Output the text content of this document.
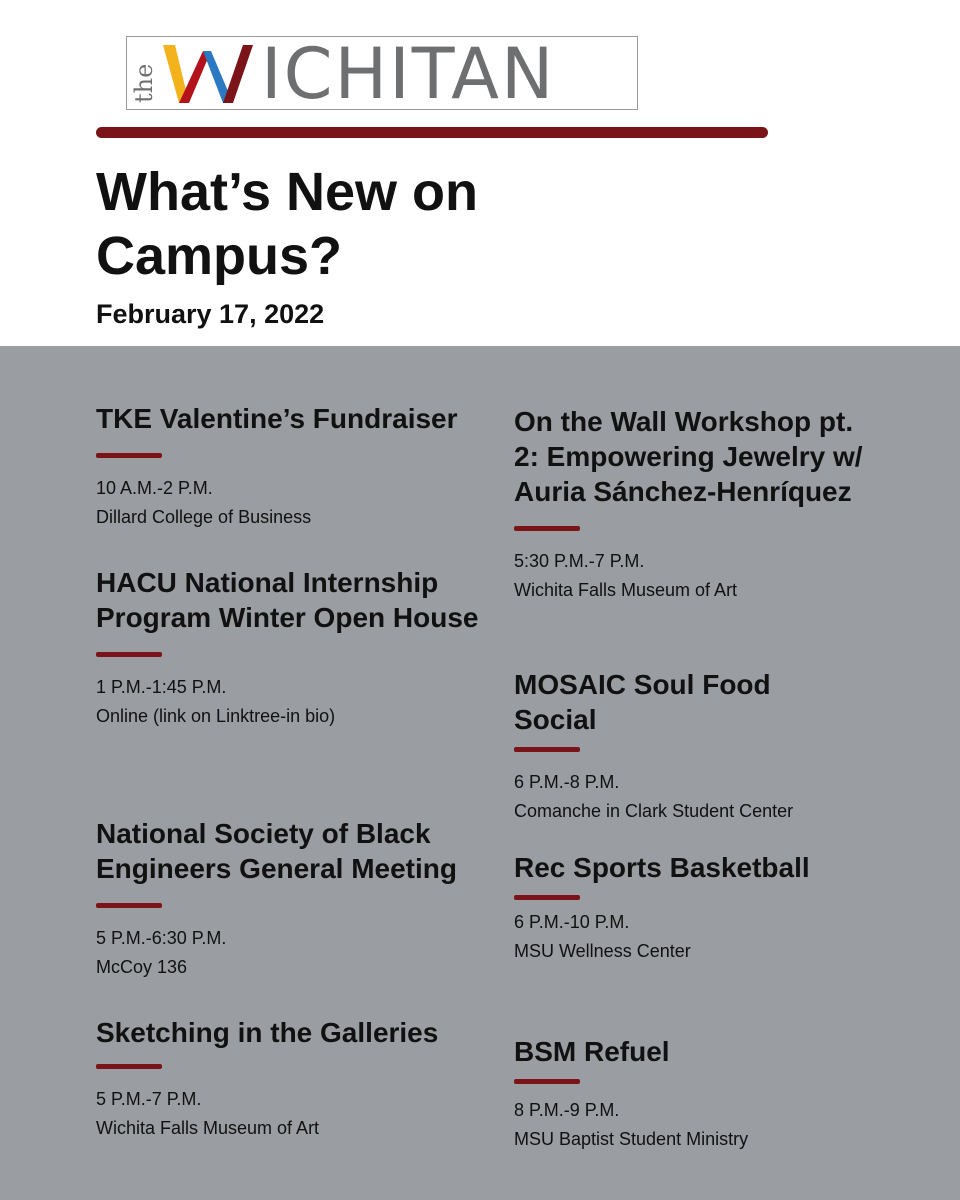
the ICHITAN
What’s New on Campus?
February 17, 2022
TKE Valentine’s Fundraiser
10 A.M.-2 P.M.
Dillard College of Business
HACU National Internship Program Winter Open House
1 P.M.-1:45 P.M.
Online (link on Linktree-in bio)
National Society of Black Engineers General Meeting
5 P.M.-6:30 P.M.
McCoy 136
Sketching in the Galleries
5 P.M.-7 P.M.
Wichita Falls Museum of Art
On the Wall Workshop pt. 2: Empowering Jewelry w/ Auria Sánchez-Henríquez
5:30 P.M.-7 P.M.
Wichita Falls Museum of Art
MOSAIC Soul Food Social
6 P.M.-8 P.M.
Comanche in Clark Student Center
Rec Sports Basketball
6 P.M.-10 P.M.
MSU Wellness Center
BSM Refuel
8 P.M.-9 P.M.
MSU Baptist Student Ministry
